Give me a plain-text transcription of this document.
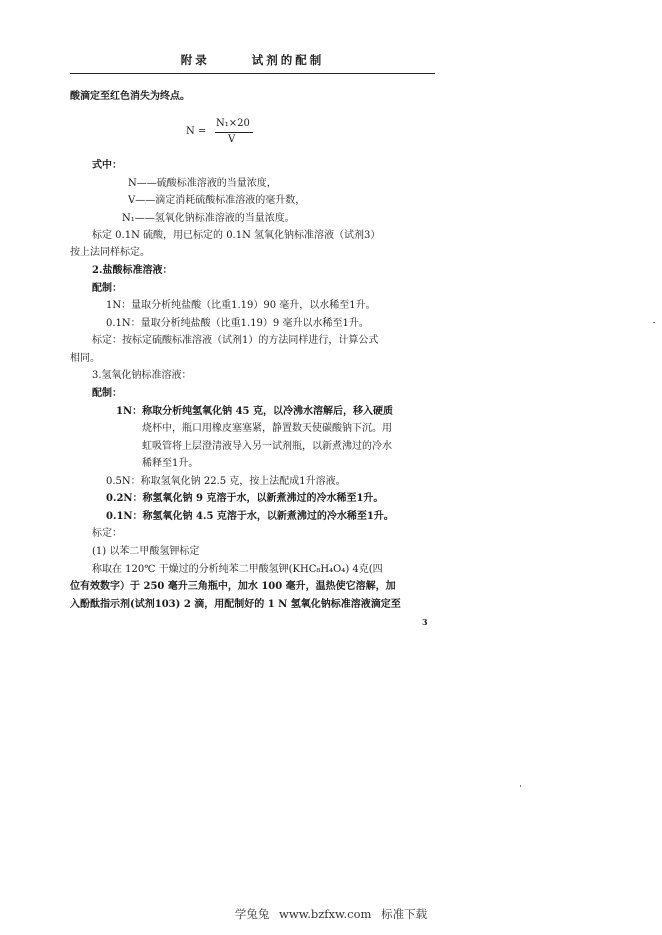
附录	试剂的配制
酸滴定至红色消失为终点。
N =
N₁×20
V
式中：
N——硫酸标准溶液的当量浓度，
V——滴定消耗硫酸标准溶液的毫升数，
N₁——氢氧化钠标准溶液的当量浓度。
标定 0.1N 硫酸，用已标定的 0.1N 氢氧化钠标准溶液（试剂3）
按上法同样标定。
2.盐酸标准溶液：
配制：
1N：量取分析纯盐酸（比重1.19）90 毫升，以水稀至1升。
0.1N：量取分析纯盐酸（比重1.19）9 毫升以水稀至1升。
标定：按标定硫酸标准溶液（试剂1）的方法同样进行，计算公式
相同。
3.氢氧化钠标准溶液：
配制：
1N：称取分析纯氢氧化钠 45 克，以冷沸水溶解后，移入硬质
烧杯中，瓶口用橡皮塞塞紧，静置数天使碳酸钠下沉。用
虹吸管将上层澄清液导入另一试剂瓶，以新煮沸过的冷水
稀释至1升。
0.5N：称取氢氧化钠 22.5 克，按上法配成1升溶液。
0.2N：称氢氧化钠 9 克溶于水，以新煮沸过的冷水稀至1升。
0.1N：称氢氧化钠 4.5 克溶于水，以新煮沸过的冷水稀至1升。
标定：
(1) 以苯二甲酸氢钾标定
称取在 120℃ 干燥过的分析纯苯二甲酸氢钾(KHC₈H₄O₄) 4克(四
位有效数字）于 250 毫升三角瓶中，加水 100 毫升，温热使它溶解，加
入酚酞指示剂(试剂103) 2 滴，用配制好的 1 N 氢氧化钠标准溶液滴定至
3
学兔兔 www.bzfxw.com 标准下载
